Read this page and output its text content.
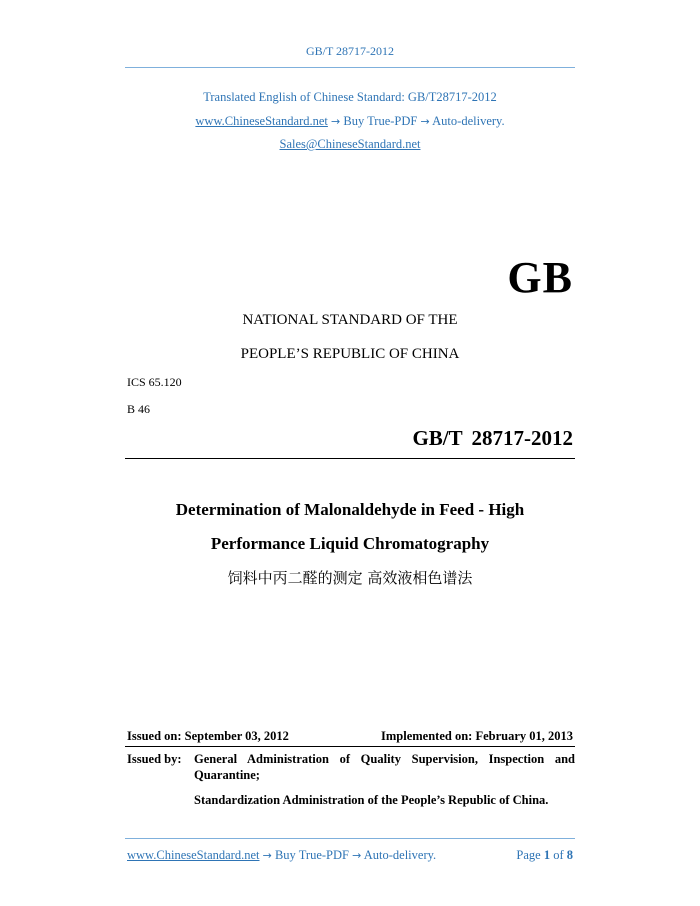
GB/T 28717-2012
Translated English of Chinese Standard: GB/T28717-2012
www.ChineseStandard.net → Buy True-PDF → Auto-delivery.
Sales@ChineseStandard.net
GB
NATIONAL STANDARD OF THE
PEOPLE’S REPUBLIC OF CHINA
ICS 65.120
B 46
GB/T 28717-2012
Determination of Malonaldehyde in Feed - High
Performance Liquid Chromatography
饲料中丙二醛的测定 高效液相色谱法
Issued on: September 03, 2012	Implemented on: February 01, 2013
Issued by: General Administration of Quality Supervision, Inspection and
Quarantine;
Standardization Administration of the People’s Republic of China.
www.ChineseStandard.net → Buy True-PDF → Auto-delivery.	Page 1 of 8
